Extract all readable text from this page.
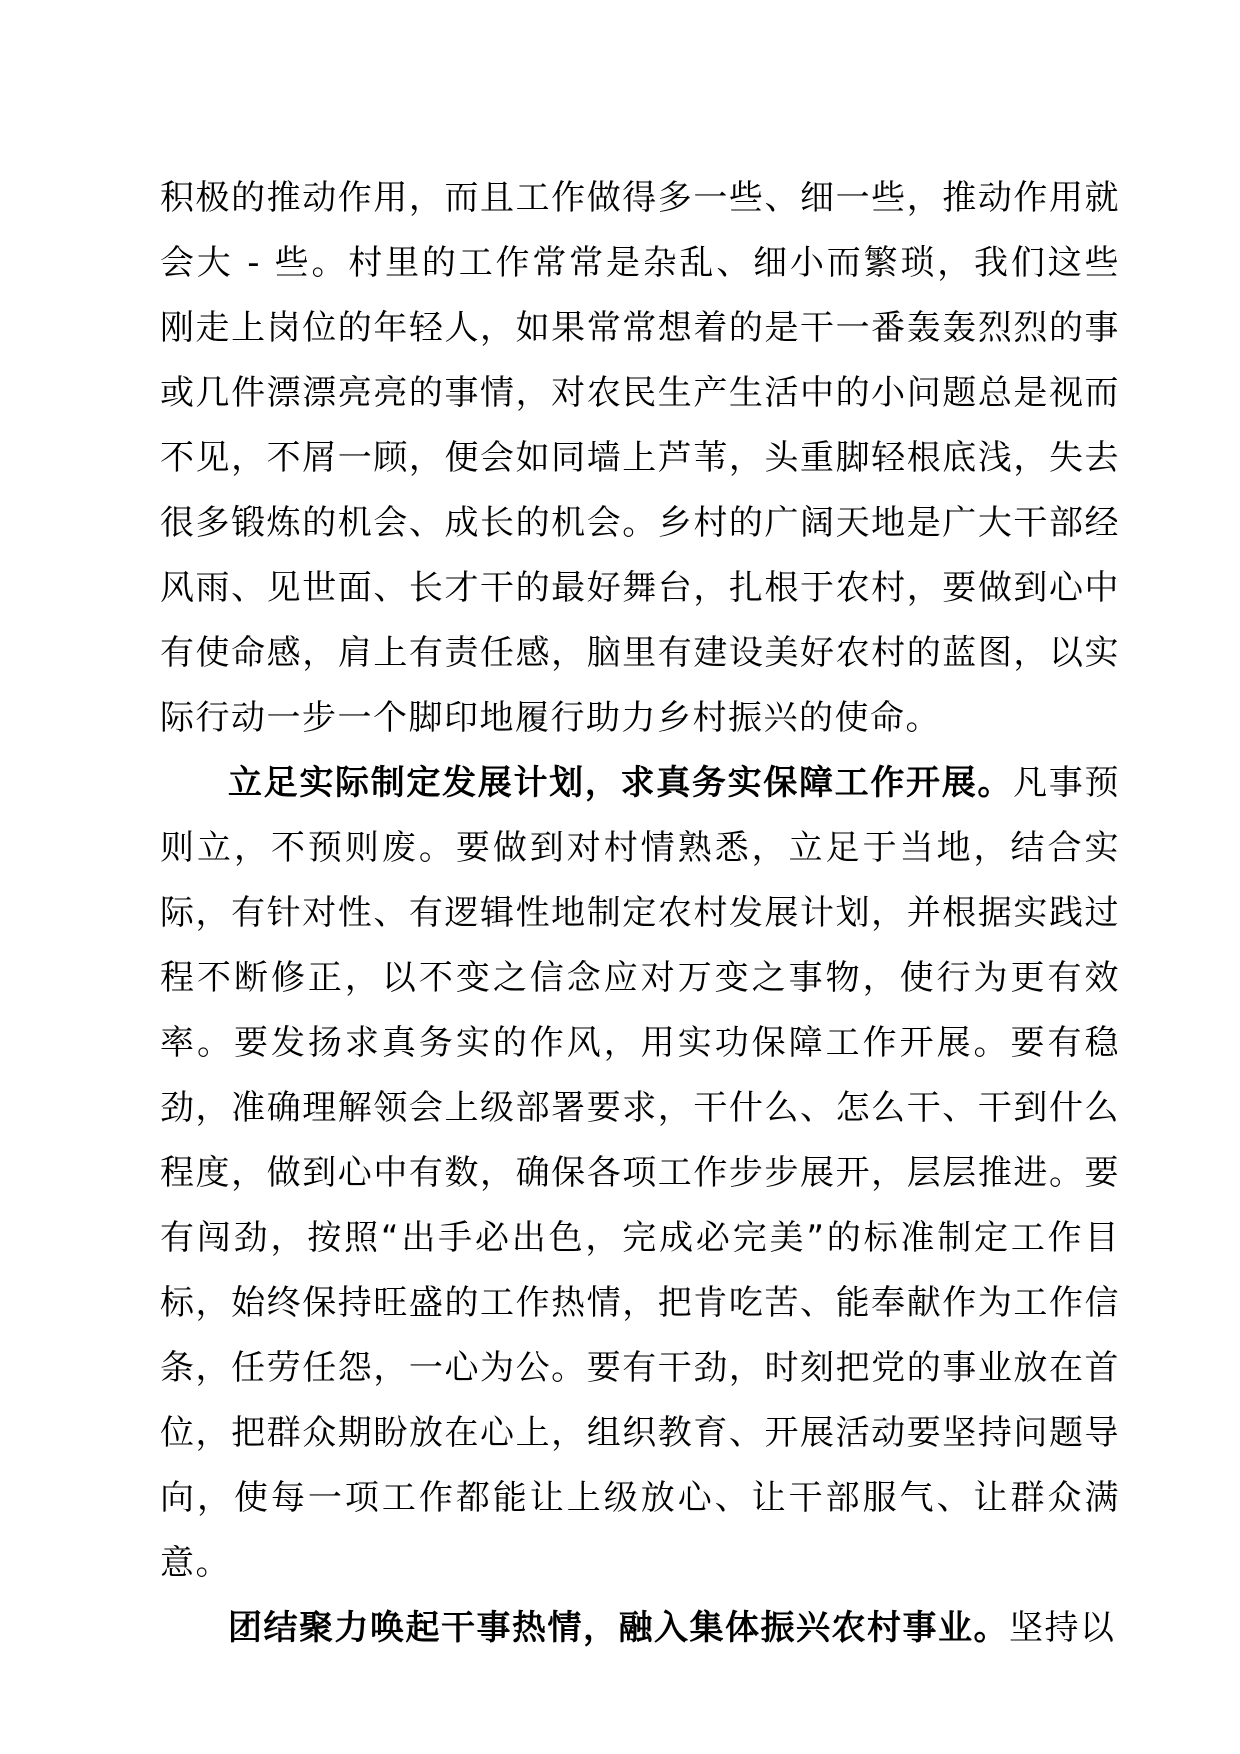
积极的推动作用，而且工作做得多一些、细一些，推动作用就会大 - 些。村里的工作常常是杂乱、细小而繁琐，我们这些刚走上岗位的年轻人，如果常常想着的是干一番轰轰烈烈的事或几件漂漂亮亮的事情，对农民生产生活中的小问题总是视而不见，不屑一顾，便会如同墙上芦苇，头重脚轻根底浅，失去很多锻炼的机会、成长的机会。乡村的广阔天地是广大干部经风雨、见世面、长才干的最好舞台，扎根于农村，要做到心中有使命感，肩上有责任感，脑里有建设美好农村的蓝图，以实际行动一步一个脚印地履行助力乡村振兴的使命。

立足实际制定发展计划，求真务实保障工作开展。凡事预则立，不预则废。要做到对村情熟悉，立足于当地，结合实际，有针对性、有逻辑性地制定农村发展计划，并根据实践过程不断修正，以不变之信念应对万变之事物，使行为更有效率。要发扬求真务实的作风，用实功保障工作开展。要有稳劲，准确理解领会上级部署要求，干什么、怎么干、干到什么程度，做到心中有数，确保各项工作步步展开，层层推进。要有闯劲，按照“出手必出色，完成必完美”的标准制定工作目标，始终保持旺盛的工作热情，把肯吃苦、能奉献作为工作信条，任劳任怨，一心为公。要有干劲，时刻把党的事业放在首位，把群众期盼放在心上，组织教育、开展活动要坚持问题导向，使每一项工作都能让上级放心、让干部服气、让群众满意。

团结聚力唤起干事热情，融入集体振兴农村事业。坚持以
